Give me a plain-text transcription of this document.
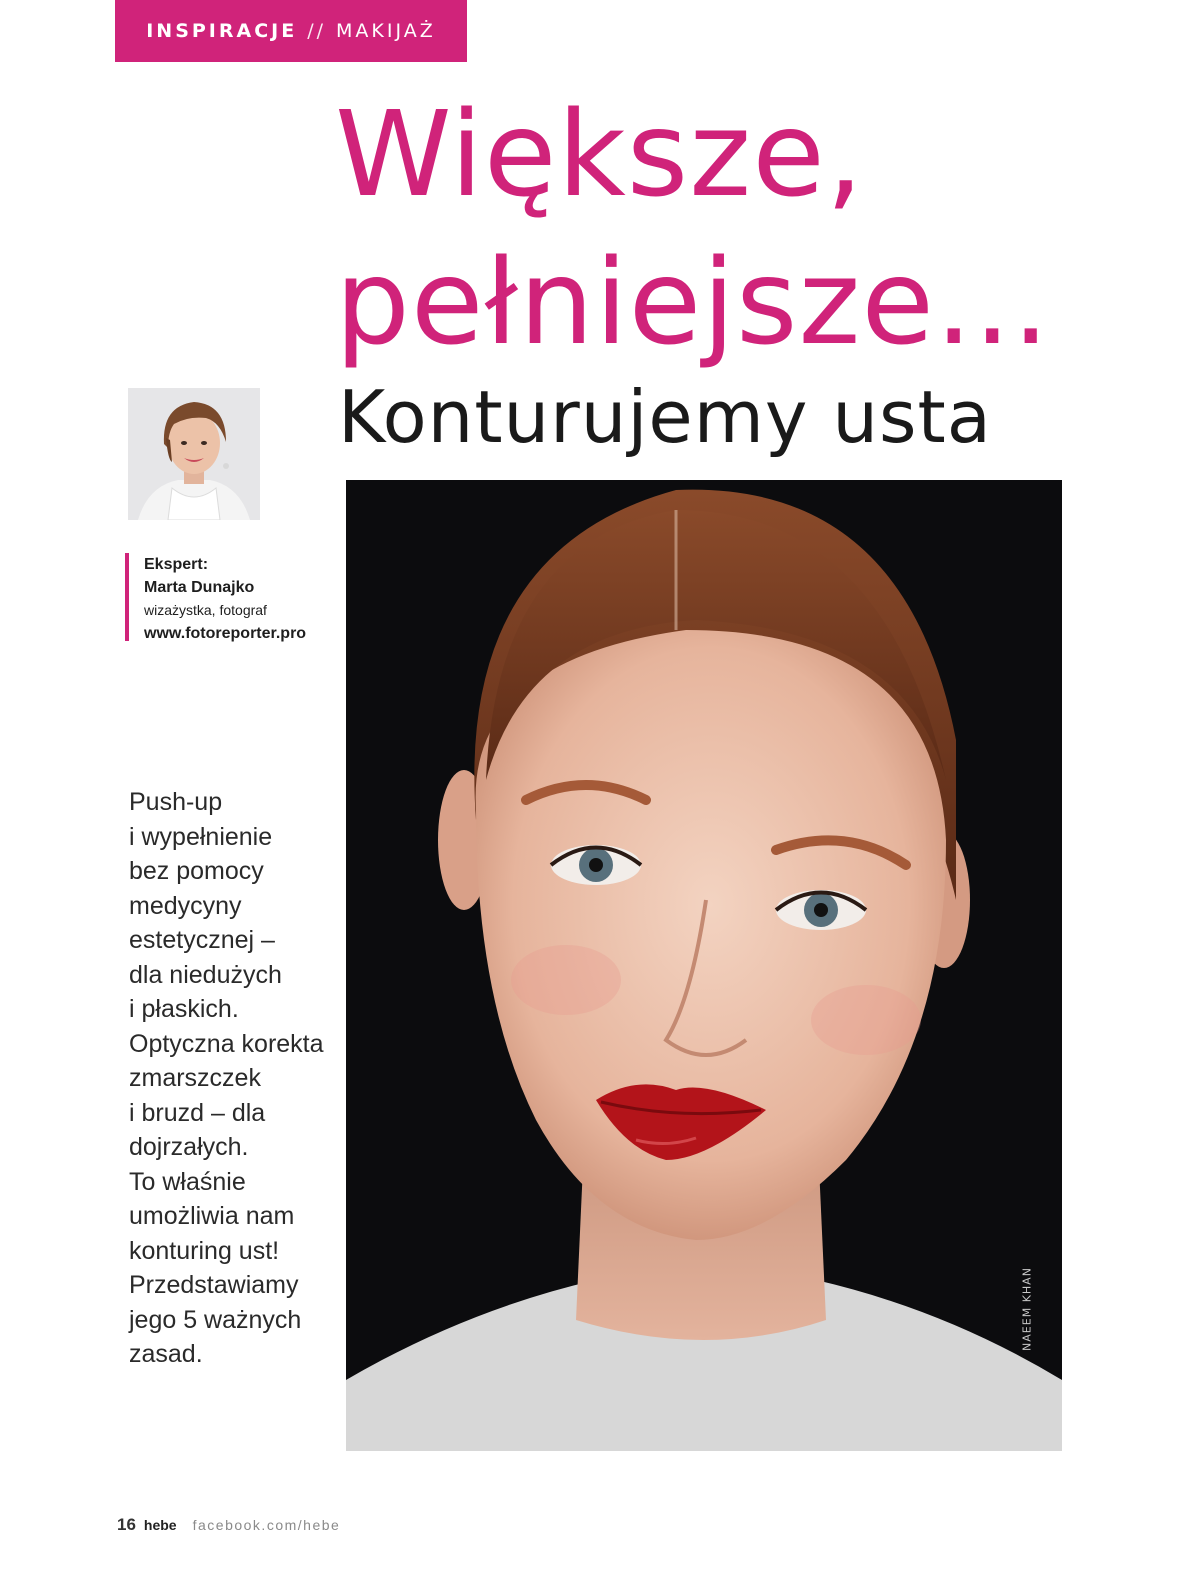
INSPIRACJE // MAKIJAŻ
Większe,
pełniejsze...
Konturujemy usta
Ekspert:
Marta Dunajko
wizażystka, fotograf
www.fotoreporter.pro
Push-up
i wypełnienie
bez pomocy
medycyny
estetycznej –
dla niedużych
i płaskich.
Optyczna korekta
zmarszczek
i bruzd – dla
dojrzałych.
To właśnie
umożliwia nam
konturing ust!
Przedstawiamy
jego 5 ważnych
zasad.
NAEEM KHAN
16 hebe facebook.com/hebe
